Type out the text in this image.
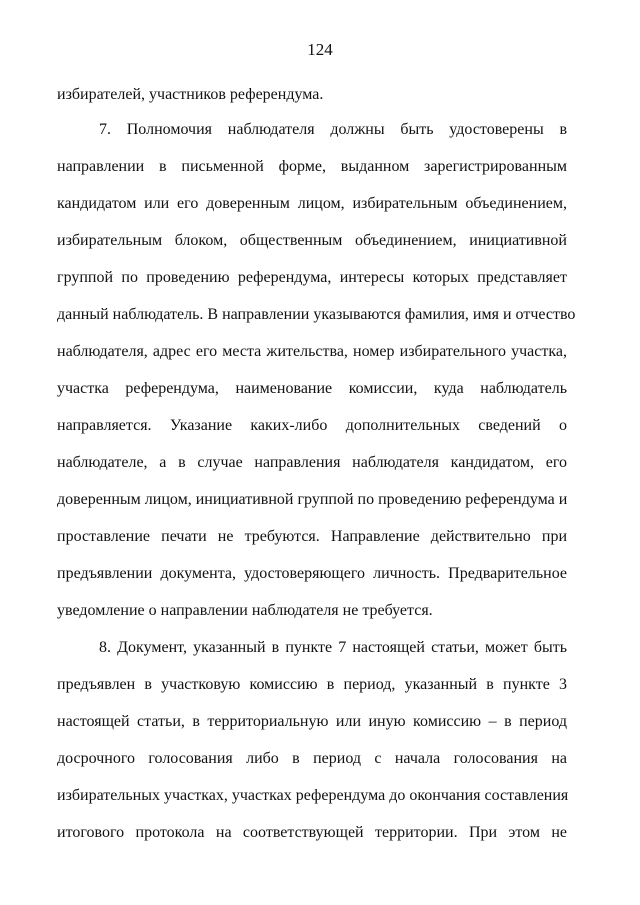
124
избирателей, участников референдума.
7. Полномочия наблюдателя должны быть удостоверены в
направлении в письменной форме, выданном зарегистрированным
кандидатом или его доверенным лицом, избирательным объединением,
избирательным блоком, общественным объединением, инициативной
группой по проведению референдума, интересы которых представляет
данный наблюдатель. В направлении указываются фамилия, имя и отчество
наблюдателя, адрес его места жительства, номер избирательного участка,
участка референдума, наименование комиссии, куда наблюдатель
направляется. Указание каких-либо дополнительных сведений о
наблюдателе, а в случае направления наблюдателя кандидатом, его
доверенным лицом, инициативной группой по проведению референдума и
проставление печати не требуются. Направление действительно при
предъявлении документа, удостоверяющего личность. Предварительное
уведомление о направлении наблюдателя не требуется.
8. Документ, указанный в пункте 7 настоящей статьи, может быть
предъявлен в участковую комиссию в период, указанный в пункте 3
настоящей статьи, в территориальную или иную комиссию – в период
досрочного голосования либо в период с начала голосования на
избирательных участках, участках референдума до окончания составления
итогового протокола на соответствующей территории. При этом не
